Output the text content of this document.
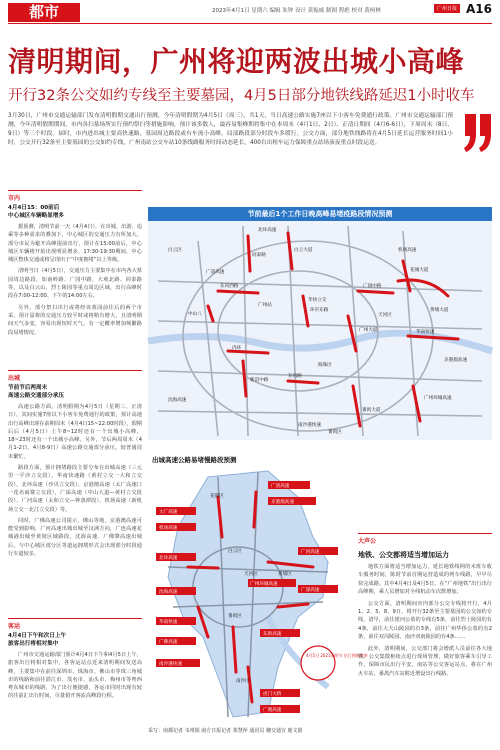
都市	2023年4月1日 星期六 编辑 朱钟 设计 黄振威 制图 程彪 校对 黄柯林	广州日报 A16
清明期间，广州将迎两波出城小高峰
开行32条公交如约专线至主要墓园，4月5日部分地铁线路延迟1小时收车
3月30日，广州市交通运输部门发布清明假期交通出行预测，今年清明假期为4月5日（周三），共1天，当日高速公路实施7座以下小客车免费通行政策。广州市交通运输部门预测，今年清明假期期间，市内各扫墓场所实行预约祭扫等措施影响，预计该多数人，最容易集峰期将集中在本周末（4月1日、2日）、正清日期间（4月6-6日），下周周末（8日、9日）等三个时段。届时，市内进出城主要高快速路、墓园周边路段或有车流小高峰，局部路段部分时段车多缓行。公交方面，部分地铁线路将在4月5日延长运营服务时间1小时，公交开行32条至主要墓园的公交如约专线，广州南站公交车站10条线路服务时间动态延长，400台出租车运力保障重点站场演夜重点时段运送。
市内
4月4日15：00前后
中心城区车辆略显增多

据预测，清明节前一天（4月4日），在出城、出游、追乘等多种需求的叠加下，中心城区的交通压力有所加大，部分市民为避开高峰提前出行，预计在15:00前后，中心城区车辆将开始出现明显增多，17:30-19:30期间，中心城区整体交通或将呈现出于“中度拥堵”以上等级。

清明当日（4月5日），交通压力主要集中在市内各大墓园周边路段，如南岭路、广园中路、大观北路、同泰路等，以及白云山、烈士陵园等重点周边区域，出行高峰时段在7:00-12:00、下午的14:00左右。

另外，部分祭扫出行或将经该墓园前往后的两个市采，预计届将的交通压力较平时或将稍有增大，且清明期间天气多变，容易出现短时天气，有一定概率增加频繁路段局堵情况。

出城
节前节后两周末
高速公路交通部分承压

高速公路方面，清明假期为4月5日（星期三、正清日），其间实施7座以下小客车免费通行的政策，预计高速出行高峰出现在前期周末（4月4日15~22:00时段），假期后后（4月5日）上午8~12时还有一个出城小高峰，18~23时还有一个出城小高峰。另外，节后两周周末（4月1-2日、4月8-9日）高速公路交通部分承压，较普通周末繁忙。

路段方面，预计拥堵路段主要分布在出城高速（三元里一平沙立交段），华南快速路（黄村立交一大和立交段），北环高速（沙贝立交段），京港澳高速（太广高速口一花名商寨立交段），广深高速（中山大道—黄村立交段段）、广河高速（太和立交—钟落潭段），机场高速（新机场立交一北江立交段）等。

同时，广佛高速公司提示，佛山等地，京港澳高速可能受到影响，广河高速出城出城至汉洲方向，广连高速花城港出城至黄坡区域路段，沈海高速、广佛肇高速出城后，与中心城区部分区等道运拥堵形式会出现部分时段通行车道较多。

客运
4月4日下午和次日上午
旅客出行将相对集中

广州市交通运输部门预计4月4日下午和4月5日上午，旅客出行将相对集中，各客运站点近来清明期间发送高峰，主要集中在前往深圳市、珠海市、佛山市等珠三角城市的线路和前往湛江市、茂名市、汕头市、梅州市等粤西粤东城市的线路，为了出行便捷感，各运市同时出现有较的往前汇出行时间，尽量错开客流高峰段行程。

节前最后1个工作日晚高峰易堵疫路段情况预测
同泰路
白云大道
广清高速
机场高速
广园中路
东风西路
中山八
环市东路
花城大道
广州大道	华南快速
内环
黄埔大道
新滘中路
东风路
华快立交
北环高速
广州环城高速
番禺大道
南沙港快速
京港澳高速
沈海高速
白云区
广州站
天河区
海珠区
番禺区
出城高速公路易堵慢路段预测
广清高速
京港澳高速
大广高速
机场高速
广河高速
北环高速
广深高速
广州环城高速
沈海高速
华南快速
广佛高速
南沙港快速
东新高速
虎门大桥
广澳高速
白云区
花都区
天河区	黄埔区
番禺区
南沙区
4月5日 2023清明节 出行拥堵概率
采写：南都记者 韦靖娟 南方日报记者 郑慧萍 通讯员 穗交通宣 鹿文娟
大声公
地铁、公交都将适当增加运力

地铁方面将适当增加运力，延长地铁线网的末班车收车服务时间，陈时节前首期运营造成的列车线路，早早尽快完成路。其中4月4日及4月5日，在“广州地铁”出行出行高峰期，乘人员增加对全线机动车次数增加。

公交方面，清明期间市内部分公交专线将开行，4月1、2、5、8、9日，将开行32条至主要墓园的公交如约专线，清早，前往银河公墓的专线有5条，前往烈士陵园的有4条，前往大夫山陵园的有3条，前往广州华侨公墓的有2条，前往双岗陵园、南沙双南陵园的有4条……

此外，清明期间，公交部门将会增派人员前往各大地铁、公交集散枢纽点进行现场管理，做好旅客乘车引导工作，保障市民出行平安，南站等公交客运站点，将在广州火车站、番禺汽车站附近增设出行线路。
